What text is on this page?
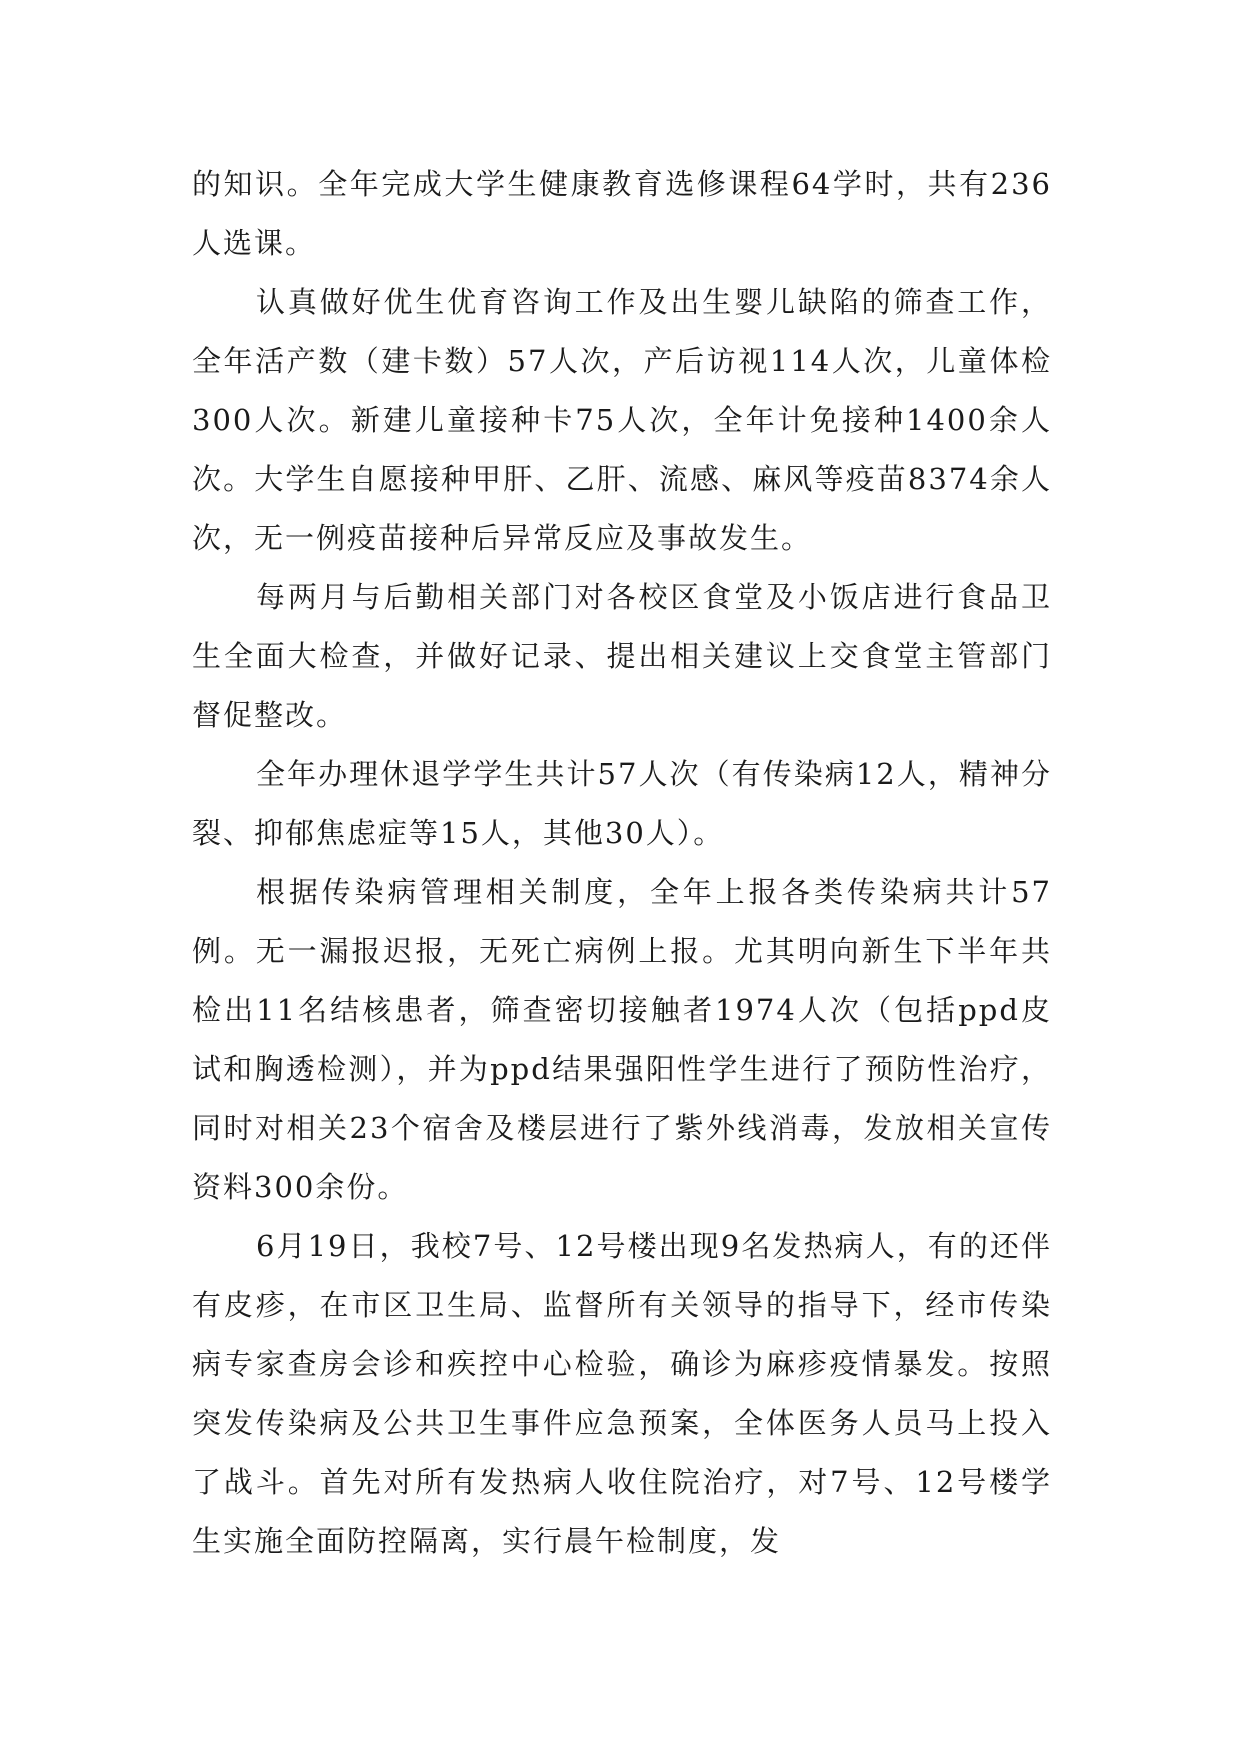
的知识。全年完成大学生健康教育选修课程64学时，共有236人选课。

认真做好优生优育咨询工作及出生婴儿缺陷的筛查工作，全年活产数（建卡数）57人次，产后访视114人次，儿童体检300人次。新建儿童接种卡75人次，全年计免接种1400余人次。大学生自愿接种甲肝、乙肝、流感、麻风等疫苗8374余人次，无一例疫苗接种后异常反应及事故发生。

每两月与后勤相关部门对各校区食堂及小饭店进行食品卫生全面大检查，并做好记录、提出相关建议上交食堂主管部门督促整改。

全年办理休退学学生共计57人次（有传染病12人，精神分裂、抑郁焦虑症等15人，其他30人）。

根据传染病管理相关制度，全年上报各类传染病共计57例。无一漏报迟报，无死亡病例上报。尤其明向新生下半年共检出11名结核患者，筛查密切接触者1974人次（包括ppd皮试和胸透检测），并为ppd结果强阳性学生进行了预防性治疗，同时对相关23个宿舍及楼层进行了紫外线消毒，发放相关宣传资料300余份。

6月19日，我校7号、12号楼出现9名发热病人，有的还伴有皮疹，在市区卫生局、监督所有关领导的指导下，经市传染病专家查房会诊和疾控中心检验，确诊为麻疹疫情暴发。按照突发传染病及公共卫生事件应急预案，全体医务人员马上投入了战斗。首先对所有发热病人收住院治疗，对7号、12号楼学生实施全面防控隔离，实行晨午检制度，发
